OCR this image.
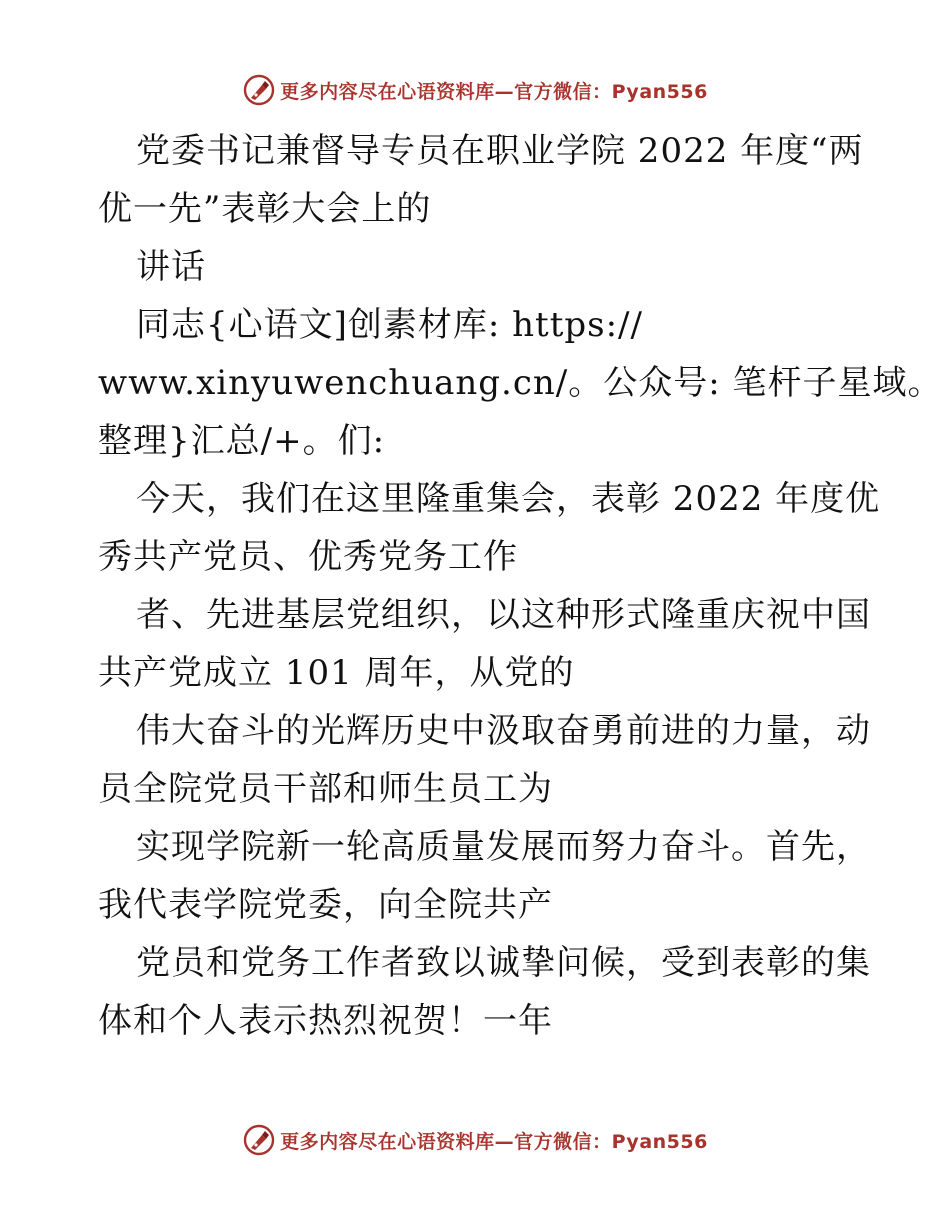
更多内容尽在心语资料库—官方微信：Pyan556
党委书记兼督导专员在职业学院 2022 年度“两
优一先”表彰大会上的
讲话
同志{心语文]创素材库: https://
www.xinyuwenchuang.cn/。公众号: 笔杆子星域。
整理}汇总/+。们:
今天，我们在这里隆重集会，表彰 2022 年度优
秀共产党员、优秀党务工作
者、先进基层党组织，以这种形式隆重庆祝中国
共产党成立 101 周年，从党的
伟大奋斗的光辉历史中汲取奋勇前进的力量，动
员全院党员干部和师生员工为
实现学院新一轮高质量发展而努力奋斗。首先，
我代表学院党委，向全院共产
党员和党务工作者致以诚挚问候，受到表彰的集
体和个人表示热烈祝贺！一年
更多内容尽在心语资料库—官方微信：Pyan556
